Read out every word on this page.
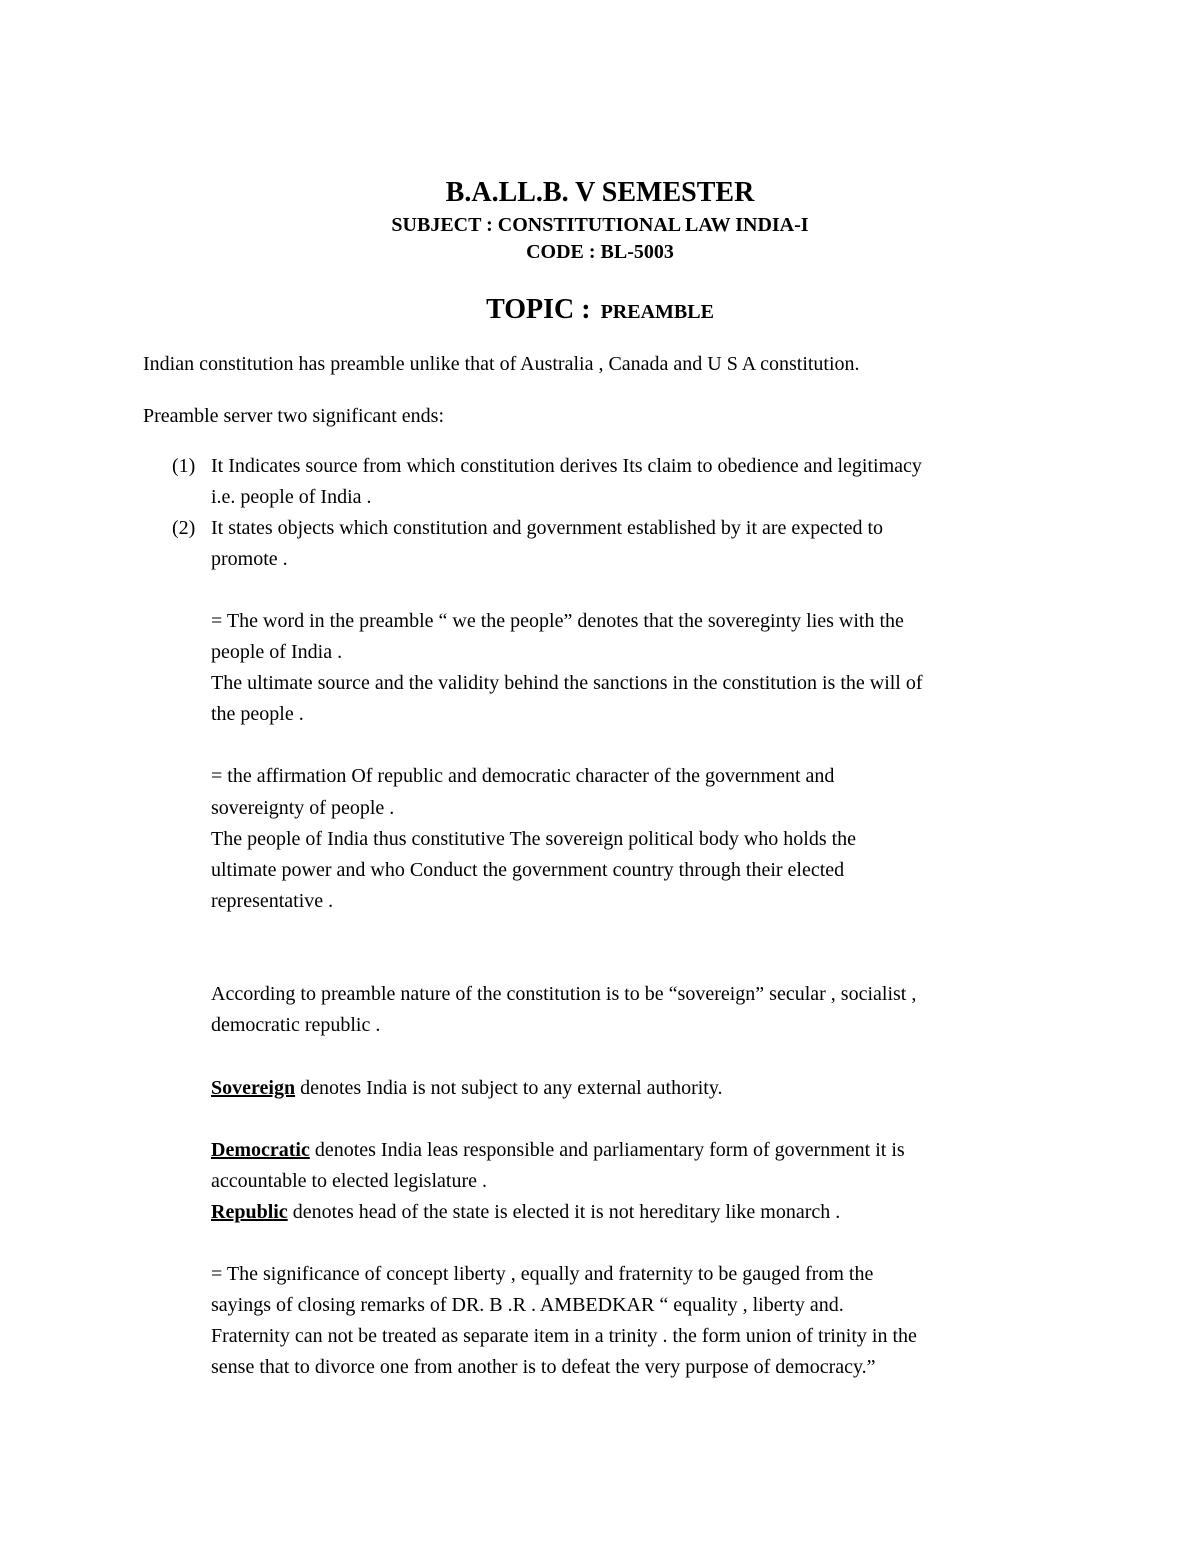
B.A.LL.B. V SEMESTER
SUBJECT : CONSTITUTIONAL LAW INDIA-I
CODE : BL-5003
TOPIC : PREAMBLE
Indian constitution has preamble unlike that of Australia , Canada and U S A constitution.
Preamble server two significant ends:
(1) It Indicates source from which constitution derives Its claim to obedience and legitimacy
i.e. people of India .
(2) It states objects which constitution and government established by it are expected to
promote .
= The word in the preamble “ we the people” denotes that the sovereginty lies with the
people of India .
The ultimate source and the validity behind the sanctions in the constitution is the will of
the people .
= the affirmation Of republic and democratic character of the government and
sovereignty of people .
The people of India thus constitutive The sovereign political body who holds the
ultimate power and who Conduct the government country through their elected
representative .
According to preamble nature of the constitution is to be “sovereign” secular , socialist ,
democratic republic .
Sovereign denotes India is not subject to any external authority.
Democratic denotes India leas responsible and parliamentary form of government it is
accountable to elected legislature .
Republic denotes head of the state is elected it is not hereditary like monarch .
= The significance of concept liberty , equally and fraternity to be gauged from the
sayings of closing remarks of DR. B .R . AMBEDKAR “ equality , liberty and.
Fraternity can not be treated as separate item in a trinity . the form union of trinity in the
sense that to divorce one from another is to defeat the very purpose of democracy.”
